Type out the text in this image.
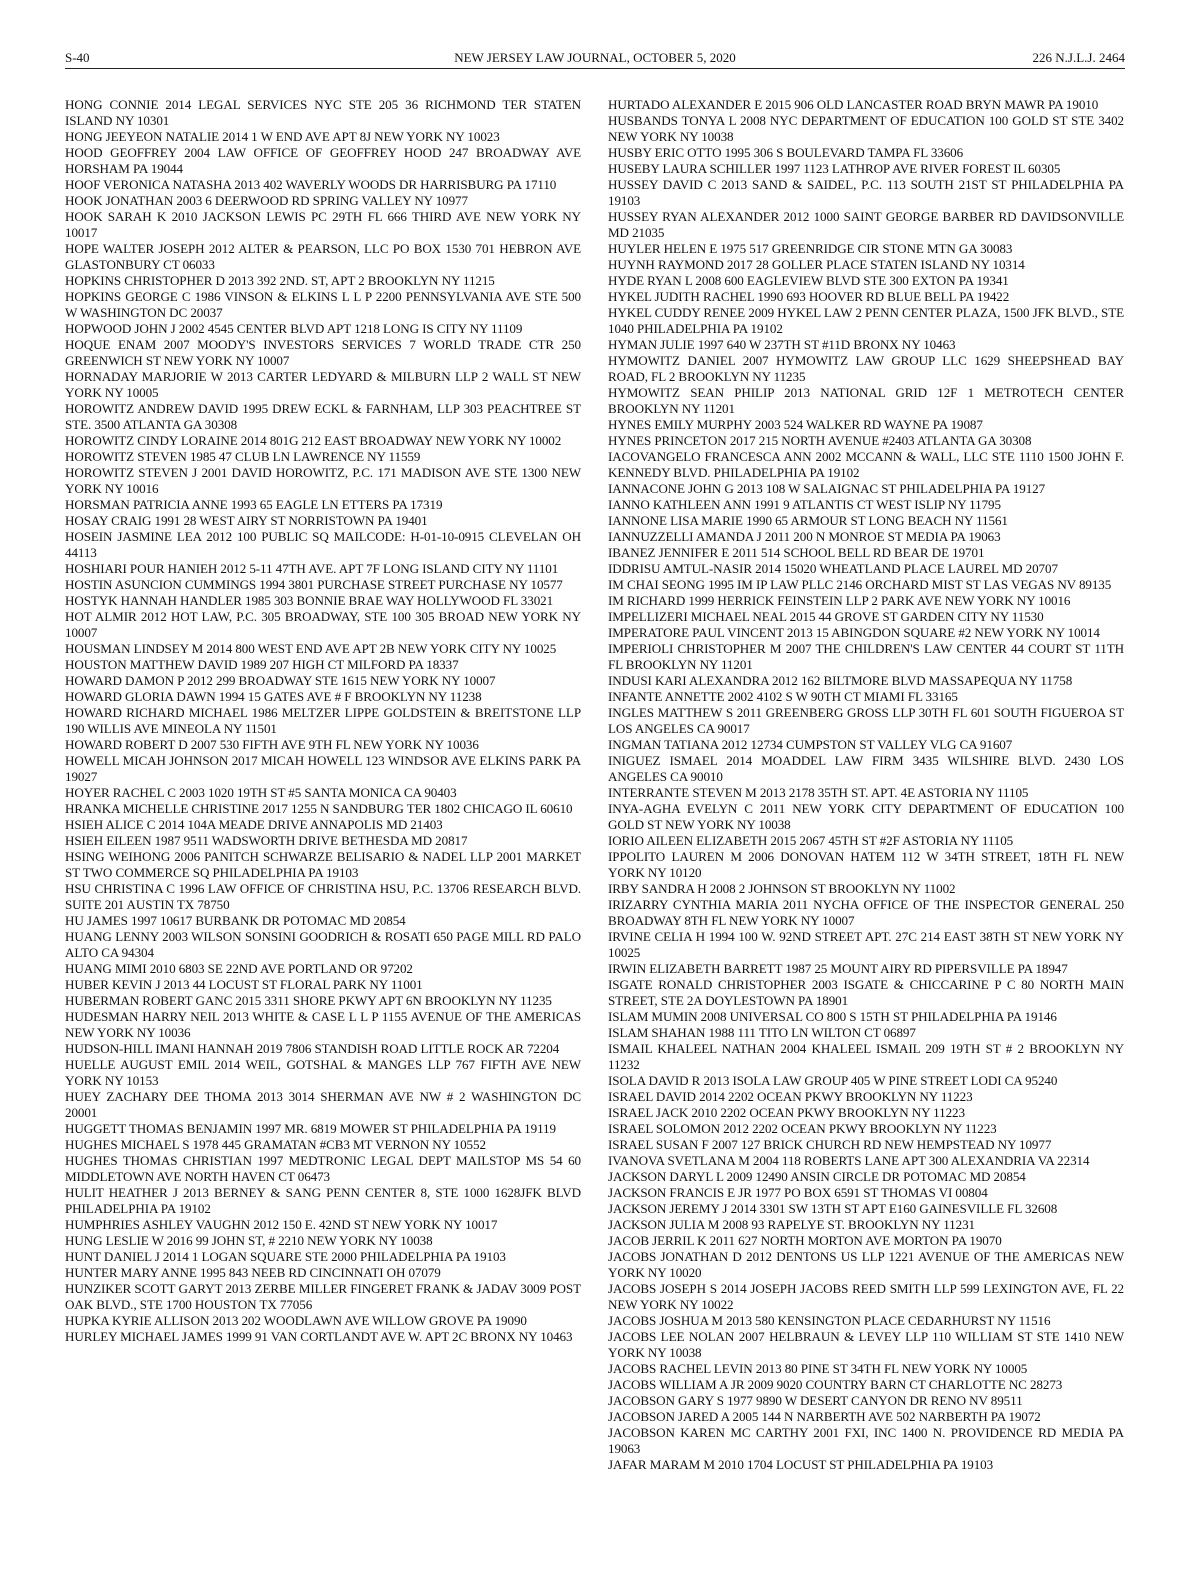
S-40	NEW JERSEY LAW JOURNAL, OCTOBER 5, 2020	226 N.J.L.J. 2464

HONG CONNIE 2014 LEGAL SERVICES NYC STE 205 36 RICHMOND TER STATEN ISLAND NY 10301

HONG JEEYEON NATALIE 2014 1 W END AVE APT 8J NEW YORK NY 10023

HOOD GEOFFREY 2004 LAW OFFICE OF GEOFFREY HOOD 247 BROADWAY AVE HORSHAM PA 19044

HOOF VERONICA NATASHA 2013 402 WAVERLY WOODS DR HARRISBURG PA 17110

HOOK JONATHAN 2003 6 DEERWOOD RD SPRING VALLEY NY 10977

HOOK SARAH K 2010 JACKSON LEWIS PC 29TH FL 666 THIRD AVE NEW YORK NY 10017

HOPE WALTER JOSEPH 2012 ALTER & PEARSON, LLC PO BOX 1530 701 HEBRON AVE GLASTONBURY CT 06033

HOPKINS CHRISTOPHER D 2013 392 2ND. ST, APT 2 BROOKLYN NY 11215

HOPKINS GEORGE C 1986 VINSON & ELKINS L L P 2200 PENNSYLVANIA AVE STE 500 W WASHINGTON DC 20037

HOPWOOD JOHN J 2002 4545 CENTER BLVD APT 1218 LONG IS CITY NY 11109

HOQUE ENAM 2007 MOODY'S INVESTORS SERVICES 7 WORLD TRADE CTR 250 GREENWICH ST NEW YORK NY 10007

HORNADAY MARJORIE W 2013 CARTER LEDYARD & MILBURN LLP 2 WALL ST NEW YORK NY 10005

HOROWITZ ANDREW DAVID 1995 DREW ECKL & FARNHAM, LLP 303 PEACHTREE ST STE. 3500 ATLANTA GA 30308

HOROWITZ CINDY LORAINE 2014 801G 212 EAST BROADWAY NEW YORK NY 10002

HOROWITZ STEVEN 1985 47 CLUB LN LAWRENCE NY 11559

HOROWITZ STEVEN J 2001 DAVID HOROWITZ, P.C. 171 MADISON AVE STE 1300 NEW YORK NY 10016

HORSMAN PATRICIA ANNE 1993 65 EAGLE LN ETTERS PA 17319

HOSAY CRAIG 1991 28 WEST AIRY ST NORRISTOWN PA 19401

HOSEIN JASMINE LEA 2012 100 PUBLIC SQ MAILCODE: H-01-10-0915 CLEVELAN OH 44113

HOSHIARI POUR HANIEH 2012 5-11 47TH AVE. APT 7F LONG ISLAND CITY NY 11101

HOSTIN ASUNCION CUMMINGS 1994 3801 PURCHASE STREET PURCHASE NY 10577

HOSTYK HANNAH HANDLER 1985 303 BONNIE BRAE WAY HOLLYWOOD FL 33021

HOT ALMIR 2012 HOT LAW, P.C. 305 BROADWAY, STE 100 305 BROAD NEW YORK NY 10007

HOUSMAN LINDSEY M 2014 800 WEST END AVE APT 2B NEW YORK CITY NY 10025

HOUSTON MATTHEW DAVID 1989 207 HIGH CT MILFORD PA 18337

HOWARD DAMON P 2012 299 BROADWAY STE 1615 NEW YORK NY 10007

HOWARD GLORIA DAWN 1994 15 GATES AVE # F BROOKLYN NY 11238

HOWARD RICHARD MICHAEL 1986 MELTZER LIPPE GOLDSTEIN & BREITSTONE LLP 190 WILLIS AVE MINEOLA NY 11501

HOWARD ROBERT D 2007 530 FIFTH AVE 9TH FL NEW YORK NY 10036

HOWELL MICAH JOHNSON 2017 MICAH HOWELL 123 WINDSOR AVE ELKINS PARK PA 19027

HOYER RACHEL C 2003 1020 19TH ST #5 SANTA MONICA CA 90403

HRANKA MICHELLE CHRISTINE 2017 1255 N SANDBURG TER 1802 CHICAGO IL 60610

HSIEH ALICE C 2014 104A MEADE DRIVE ANNAPOLIS MD 21403

HSIEH EILEEN 1987 9511 WADSWORTH DRIVE BETHESDA MD 20817

HSING WEIHONG 2006 PANITCH SCHWARZE BELISARIO & NADEL LLP 2001 MARKET ST TWO COMMERCE SQ PHILADELPHIA PA 19103

HSU CHRISTINA C 1996 LAW OFFICE OF CHRISTINA HSU, P.C. 13706 RESEARCH BLVD. SUITE 201 AUSTIN TX 78750

HU JAMES 1997 10617 BURBANK DR POTOMAC MD 20854

HUANG LENNY 2003 WILSON SONSINI GOODRICH & ROSATI 650 PAGE MILL RD PALO ALTO CA 94304

HUANG MIMI 2010 6803 SE 22ND AVE PORTLAND OR 97202

HUBER KEVIN J 2013 44 LOCUST ST FLORAL PARK NY 11001

HUBERMAN ROBERT GANC 2015 3311 SHORE PKWY APT 6N BROOKLYN NY 11235

HUDESMAN HARRY NEIL 2013 WHITE & CASE L L P 1155 AVENUE OF THE AMERICAS NEW YORK NY 10036

HUDSON-HILL IMANI HANNAH 2019 7806 STANDISH ROAD LITTLE ROCK AR 72204

HUELLE AUGUST EMIL 2014 WEIL, GOTSHAL & MANGES LLP 767 FIFTH AVE NEW YORK NY 10153

HUEY ZACHARY DEE THOMA 2013 3014 SHERMAN AVE NW # 2 WASHINGTON DC 20001

HUGGETT THOMAS BENJAMIN 1997 MR. 6819 MOWER ST PHILADELPHIA PA 19119

HUGHES MICHAEL S 1978 445 GRAMATAN #CB3 MT VERNON NY 10552

HUGHES THOMAS CHRISTIAN 1997 MEDTRONIC LEGAL DEPT MAILSTOP MS 54 60 MIDDLETOWN AVE NORTH HAVEN CT 06473

HULIT HEATHER J 2013 BERNEY & SANG PENN CENTER 8, STE 1000 1628JFK BLVD PHILADELPHIA PA 19102

HUMPHRIES ASHLEY VAUGHN 2012 150 E. 42ND ST NEW YORK NY 10017

HUNG LESLIE W 2016 99 JOHN ST, # 2210 NEW YORK NY 10038

HUNT DANIEL J 2014 1 LOGAN SQUARE STE 2000 PHILADELPHIA PA 19103

HUNTER MARY ANNE 1995 843 NEEB RD CINCINNATI OH 07079

HUNZIKER SCOTT GARYT 2013 ZERBE MILLER FINGERET FRANK & JADAV 3009 POST OAK BLVD., STE 1700 HOUSTON TX 77056

HUPKA KYRIE ALLISON 2013 202 WOODLAWN AVE WILLOW GROVE PA 19090

HURLEY MICHAEL JAMES 1999 91 VAN CORTLANDT AVE W. APT 2C BRONX NY 10463

HURTADO ALEXANDER E 2015 906 OLD LANCASTER ROAD BRYN MAWR PA 19010

HUSBANDS TONYA L 2008 NYC DEPARTMENT OF EDUCATION 100 GOLD ST STE 3402 NEW YORK NY 10038

HUSBY ERIC OTTO 1995 306 S BOULEVARD TAMPA FL 33606

HUSEBY LAURA SCHILLER 1997 1123 LATHROP AVE RIVER FOREST IL 60305

HUSSEY DAVID C 2013 SAND & SAIDEL, P.C. 113 SOUTH 21ST ST PHILADELPHIA PA 19103

HUSSEY RYAN ALEXANDER 2012 1000 SAINT GEORGE BARBER RD DAVIDSONVILLE MD 21035

HUYLER HELEN E 1975 517 GREENRIDGE CIR STONE MTN GA 30083

HUYNH RAYMOND 2017 28 GOLLER PLACE STATEN ISLAND NY 10314

HYDE RYAN L 2008 600 EAGLEVIEW BLVD STE 300 EXTON PA 19341

HYKEL JUDITH RACHEL 1990 693 HOOVER RD BLUE BELL PA 19422

HYKEL CUDDY RENEE 2009 HYKEL LAW 2 PENN CENTER PLAZA, 1500 JFK BLVD., STE 1040 PHILADELPHIA PA 19102

HYMAN JULIE 1997 640 W 237TH ST #11D BRONX NY 10463

HYMOWITZ DANIEL 2007 HYMOWITZ LAW GROUP LLC 1629 SHEEPSHEAD BAY ROAD, FL 2 BROOKLYN NY 11235

HYMOWITZ SEAN PHILIP 2013 NATIONAL GRID 12F 1 METROTECH CENTER BROOKLYN NY 11201

HYNES EMILY MURPHY 2003 524 WALKER RD WAYNE PA 19087

HYNES PRINCETON 2017 215 NORTH AVENUE #2403 ATLANTA GA 30308

IACOVANGELO FRANCESCA ANN 2002 MCCANN & WALL, LLC STE 1110 1500 JOHN F. KENNEDY BLVD. PHILADELPHIA PA 19102

IANNACONE JOHN G 2013 108 W SALAIGNAC ST PHILADELPHIA PA 19127

IANNO KATHLEEN ANN 1991 9 ATLANTIS CT WEST ISLIP NY 11795

IANNONE LISA MARIE 1990 65 ARMOUR ST LONG BEACH NY 11561

IANNUZZELLI AMANDA J 2011 200 N MONROE ST MEDIA PA 19063

IBANEZ JENNIFER E 2011 514 SCHOOL BELL RD BEAR DE 19701

IDDRISU AMTUL-NASIR 2014 15020 WHEATLAND PLACE LAUREL MD 20707

IM CHAI SEONG 1995 IM IP LAW PLLC 2146 ORCHARD MIST ST LAS VEGAS NV 89135

IM RICHARD 1999 HERRICK FEINSTEIN LLP 2 PARK AVE NEW YORK NY 10016

IMPELLIZERI MICHAEL NEAL 2015 44 GROVE ST GARDEN CITY NY 11530

IMPERATORE PAUL VINCENT 2013 15 ABINGDON SQUARE #2 NEW YORK NY 10014

IMPERIOLI CHRISTOPHER M 2007 THE CHILDREN'S LAW CENTER 44 COURT ST 11TH FL BROOKLYN NY 11201

INDUSI KARI ALEXANDRA 2012 162 BILTMORE BLVD MASSAPEQUA NY 11758

INFANTE ANNETTE 2002 4102 S W 90TH CT MIAMI FL 33165

INGLES MATTHEW S 2011 GREENBERG GROSS LLP 30TH FL 601 SOUTH FIGUEROA ST LOS ANGELES CA 90017

INGMAN TATIANA 2012 12734 CUMPSTON ST VALLEY VLG CA 91607

INIGUEZ ISMAEL 2014 MOADDEL LAW FIRM 3435 WILSHIRE BLVD. 2430 LOS ANGELES CA 90010

INTERRANTE STEVEN M 2013 2178 35TH ST. APT. 4E ASTORIA NY 11105

INYA-AGHA EVELYN C 2011 NEW YORK CITY DEPARTMENT OF EDUCATION 100 GOLD ST NEW YORK NY 10038

IORIO AILEEN ELIZABETH 2015 2067 45TH ST #2F ASTORIA NY 11105

IPPOLITO LAUREN M 2006 DONOVAN HATEM 112 W 34TH STREET, 18TH FL NEW YORK NY 10120

IRBY SANDRA H 2008 2 JOHNSON ST BROOKLYN NY 11002

IRIZARRY CYNTHIA MARIA 2011 NYCHA OFFICE OF THE INSPECTOR GENERAL 250 BROADWAY 8TH FL NEW YORK NY 10007

IRVINE CELIA H 1994 100 W. 92ND STREET APT. 27C 214 EAST 38TH ST NEW YORK NY 10025

IRWIN ELIZABETH BARRETT 1987 25 MOUNT AIRY RD PIPERSVILLE PA 18947

ISGATE RONALD CHRISTOPHER 2003 ISGATE & CHICCARINE P C 80 NORTH MAIN STREET, STE 2A DOYLESTOWN PA 18901

ISLAM MUMIN 2008 UNIVERSAL CO 800 S 15TH ST PHILADELPHIA PA 19146

ISLAM SHAHAN 1988 111 TITO LN WILTON CT 06897

ISMAIL KHALEEL NATHAN 2004 KHALEEL ISMAIL 209 19TH ST # 2 BROOKLYN NY 11232

ISOLA DAVID R 2013 ISOLA LAW GROUP 405 W PINE STREET LODI CA 95240

ISRAEL DAVID 2014 2202 OCEAN PKWY BROOKLYN NY 11223

ISRAEL JACK 2010 2202 OCEAN PKWY BROOKLYN NY 11223

ISRAEL SOLOMON 2012 2202 OCEAN PKWY BROOKLYN NY 11223

ISRAEL SUSAN F 2007 127 BRICK CHURCH RD NEW HEMPSTEAD NY 10977

IVANOVA SVETLANA M 2004 118 ROBERTS LANE APT 300 ALEXANDRIA VA 22314

JACKSON DARYL L 2009 12490 ANSIN CIRCLE DR POTOMAC MD 20854

JACKSON FRANCIS E JR 1977 PO BOX 6591 ST THOMAS VI 00804

JACKSON JEREMY J 2014 3301 SW 13TH ST APT E160 GAINESVILLE FL 32608

JACKSON JULIA M 2008 93 RAPELYE ST. BROOKLYN NY 11231

JACOB JERRIL K 2011 627 NORTH MORTON AVE MORTON PA 19070

JACOBS JONATHAN D 2012 DENTONS US LLP 1221 AVENUE OF THE AMERICAS NEW YORK NY 10020

JACOBS JOSEPH S 2014 JOSEPH JACOBS REED SMITH LLP 599 LEXINGTON AVE, FL 22 NEW YORK NY 10022

JACOBS JOSHUA M 2013 580 KENSINGTON PLACE CEDARHURST NY 11516

JACOBS LEE NOLAN 2007 HELBRAUN & LEVEY LLP 110 WILLIAM ST STE 1410 NEW YORK NY 10038

JACOBS RACHEL LEVIN 2013 80 PINE ST 34TH FL NEW YORK NY 10005

JACOBS WILLIAM A JR 2009 9020 COUNTRY BARN CT CHARLOTTE NC 28273

JACOBSON GARY S 1977 9890 W DESERT CANYON DR RENO NV 89511

JACOBSON JARED A 2005 144 N NARBERTH AVE 502 NARBERTH PA 19072

JACOBSON KAREN MC CARTHY 2001 FXI, INC 1400 N. PROVIDENCE RD MEDIA PA 19063

JAFAR MARAM M 2010 1704 LOCUST ST PHILADELPHIA PA 19103
